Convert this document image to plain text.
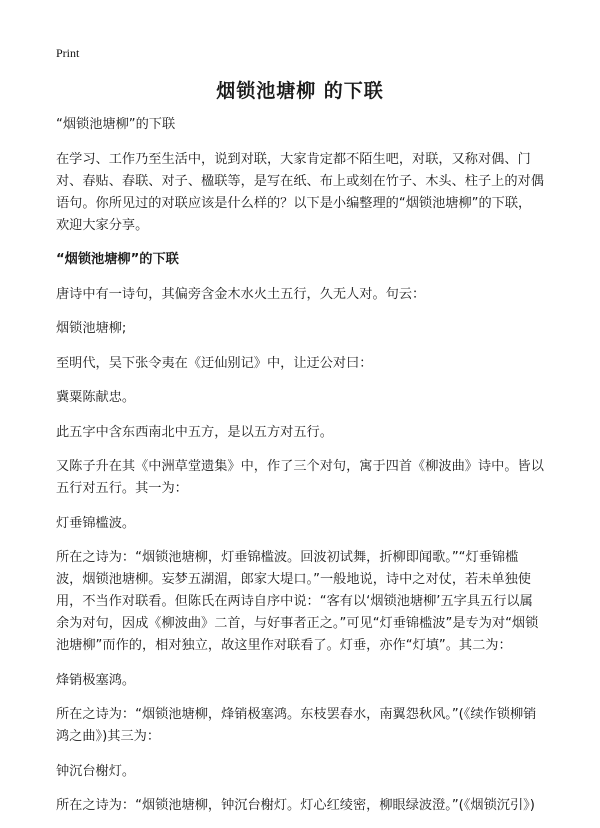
Print
烟锁池塘柳 的下联
“烟锁池塘柳”的下联
在学习、工作乃至生活中，说到对联，大家肯定都不陌生吧，对联，又称对偶、门对、春贴、春联、对子、楹联等，是写在纸、布上或刻在竹子、木头、柱子上的对偶语句。你所见过的对联应该是什么样的？以下是小编整理的“烟锁池塘柳”的下联，欢迎大家分享。
“烟锁池塘柳”的下联
唐诗中有一诗句，其偏旁含金木水火土五行，久无人对。句云：
烟锁池塘柳;
至明代，吴下张令夷在《迂仙别记》中，让迂公对曰：
冀粟陈献忠。
此五字中含东西南北中五方，是以五方对五行。
又陈子升在其《中洲草堂遗集》中，作了三个对句，寓于四首《柳波曲》诗中。皆以五行对五行。其一为：
灯垂锦槛波。
所在之诗为：“烟锁池塘柳，灯垂锦槛波。回波初试舞，折柳即闻歌。”“灯垂锦槛波，烟锁池塘柳。妄梦五湖湄，郎家大堤口。”一般地说，诗中之对仗，若未单独使用，不当作对联看。但陈氏在两诗自序中说：“客有以‘烟锁池塘柳’五字具五行以属余为对句，因成《柳波曲》二首，与好事者正之。”可见“灯垂锦槛波”是专为对“烟锁池塘柳”而作的，相对独立，故这里作对联看了。灯垂，亦作“灯填”。其二为：
烽销极塞鸿。
所在之诗为：“烟锁池塘柳，烽销极塞鸿。东枝罢春水，南翼怨秋风。”(《续作锁柳销鸿之曲》)其三为：
钟沉台榭灯。
所在之诗为：“烟锁池塘柳，钟沉台榭灯。灯心红绫密，柳眼绿波澄。”(《烟锁沉引》)
